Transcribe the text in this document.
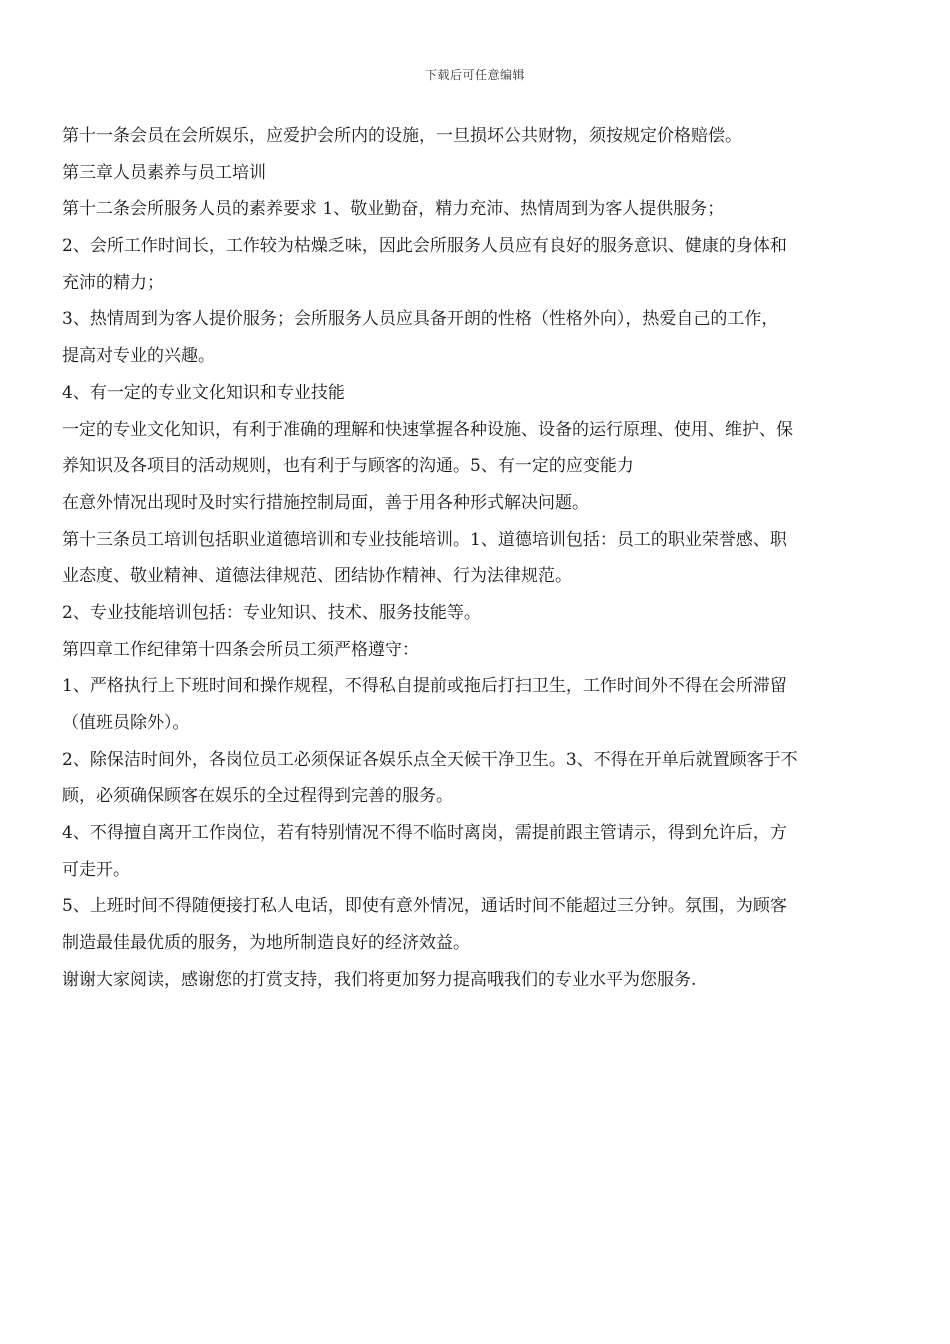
下载后可任意编辑
第十一条会员在会所娱乐，应爱护会所内的设施，一旦损坏公共财物，须按规定价格赔偿。
第三章人员素养与员工培训
第十二条会所服务人员的素养要求 1、敬业勤奋，精力充沛、热情周到为客人提供服务；
2、会所工作时间长，工作较为枯燥乏味，因此会所服务人员应有良好的服务意识、健康的身体和
充沛的精力；
3、热情周到为客人提价服务；会所服务人员应具备开朗的性格（性格外向），热爱自己的工作，
提高对专业的兴趣。
4、有一定的专业文化知识和专业技能
一定的专业文化知识，有利于准确的理解和快速掌握各种设施、设备的运行原理、使用、维护、保
养知识及各项目的活动规则，也有利于与顾客的沟通。5、有一定的应变能力
在意外情况出现时及时实行措施控制局面，善于用各种形式解决问题。
第十三条员工培训包括职业道德培训和专业技能培训。1、道德培训包括：员工的职业荣誉感、职
业态度、敬业精神、道德法律规范、团结协作精神、行为法律规范。
2、专业技能培训包括：专业知识、技术、服务技能等。
第四章工作纪律第十四条会所员工须严格遵守：
1、严格执行上下班时间和操作规程，不得私自提前或拖后打扫卫生，工作时间外不得在会所滞留
（值班员除外）。
2、除保洁时间外，各岗位员工必须保证各娱乐点全天候干净卫生。3、不得在开单后就置顾客于不
顾，必须确保顾客在娱乐的全过程得到完善的服务。
4、不得擅自离开工作岗位，若有特别情况不得不临时离岗，需提前跟主管请示，得到允许后，方
可走开。
5、上班时间不得随便接打私人电话，即使有意外情况，通话时间不能超过三分钟。氛围，为顾客
制造最佳最优质的服务，为地所制造良好的经济效益。
谢谢大家阅读，感谢您的打赏支持，我们将更加努力提高哦我们的专业水平为您服务.
